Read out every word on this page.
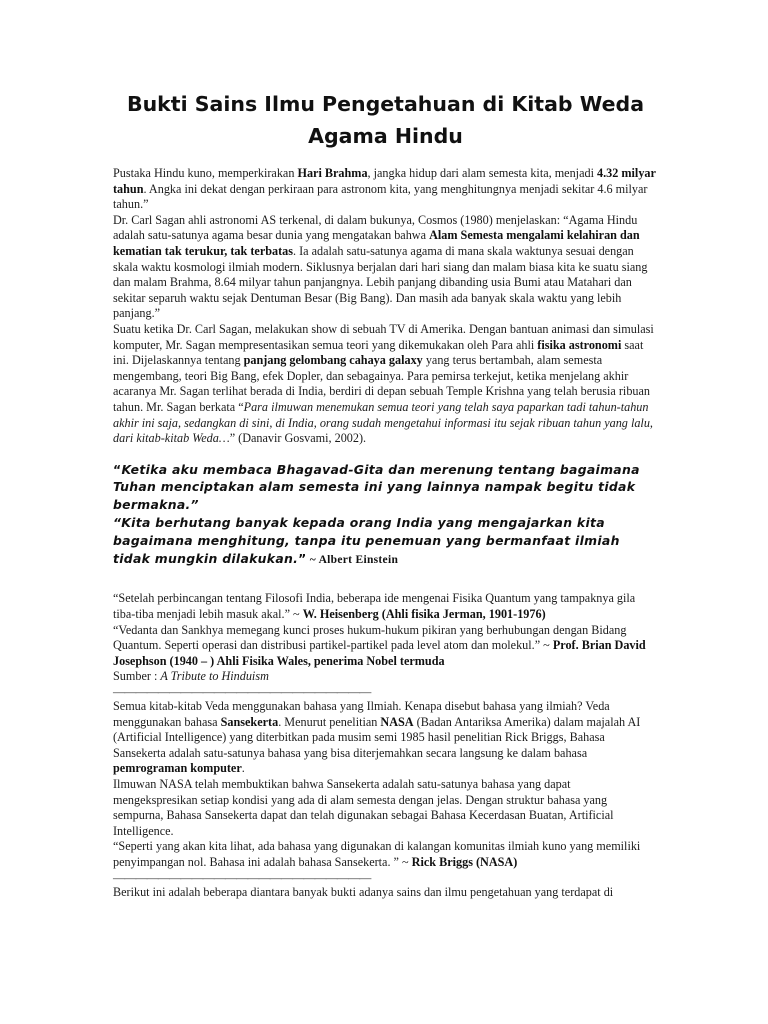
Bukti Sains Ilmu Pengetahuan di Kitab Weda Agama Hindu

Pustaka Hindu kuno, memperkirakan Hari Brahma, jangka hidup dari alam semesta kita, menjadi 4.32 milyar tahun. Angka ini dekat dengan perkiraan para astronom kita, yang menghitungnya menjadi sekitar 4.6 milyar tahun.”

Dr. Carl Sagan ahli astronomi AS terkenal, di dalam bukunya, Cosmos (1980) menjelaskan: “Agama Hindu adalah satu-satunya agama besar dunia yang mengatakan bahwa Alam Semesta mengalami kelahiran dan kematian tak terukur, tak terbatas. Ia adalah satu-satunya agama di mana skala waktunya sesuai dengan skala waktu kosmologi ilmiah modern. Siklusnya berjalan dari hari siang dan malam biasa kita ke suatu siang dan malam Brahma, 8.64 milyar tahun panjangnya. Lebih panjang dibanding usia Bumi atau Matahari dan sekitar separuh waktu sejak Dentuman Besar (Big Bang). Dan masih ada banyak skala waktu yang lebih panjang.”

Suatu ketika Dr. Carl Sagan, melakukan show di sebuah TV di Amerika. Dengan bantuan animasi dan simulasi komputer, Mr. Sagan mempresentasikan semua teori yang dikemukakan oleh Para ahli fisika astronomi saat ini. Dijelaskannya tentang panjang gelombang cahaya galaxy yang terus bertambah, alam semesta mengembang, teori Big Bang, efek Dopler, dan sebagainya. Para pemirsa terkejut, ketika menjelang akhir acaranya Mr. Sagan terlihat berada di India, berdiri di depan sebuah Temple Krishna yang telah berusia ribuan tahun. Mr. Sagan berkata “Para ilmuwan menemukan semua teori yang telah saya paparkan tadi tahun-tahun akhir ini saja, sedangkan di sini, di India, orang sudah mengetahui informasi itu sejak ribuan tahun yang lalu, dari kitab-kitab Weda…” (Danavir Gosvami, 2002).

“Ketika aku membaca Bhagavad-Gita dan merenung tentang bagaimana Tuhan menciptakan alam semesta ini yang lainnya nampak begitu tidak bermakna.”
“Kita berhutang banyak kepada orang India yang mengajarkan kita bagaimana menghitung, tanpa itu penemuan yang bermanfaat ilmiah tidak mungkin dilakukan.” ~ Albert Einstein

“Setelah perbincangan tentang Filosofi India, beberapa ide mengenai Fisika Quantum yang tampaknya gila tiba-tiba menjadi lebih masuk akal.” ~ W. Heisenberg (Ahli fisika Jerman, 1901-1976)

“Vedanta dan Sankhya memegang kunci proses hukum-hukum pikiran yang berhubungan dengan Bidang Quantum. Seperti operasi dan distribusi partikel-partikel pada level atom dan molekul.” ~ Prof. Brian David Josephson (1940 – ) Ahli Fisika Wales, penerima Nobel termuda

Sumber : A Tribute to Hinduism

———————————————————————

Semua kitab-kitab Veda menggunakan bahasa yang Ilmiah. Kenapa disebut bahasa yang ilmiah? Veda menggunakan bahasa Sansekerta. Menurut penelitian NASA (Badan Antariksa Amerika) dalam majalah AI (Artificial Intelligence) yang diterbitkan pada musim semi 1985 hasil penelitian Rick Briggs, Bahasa Sansekerta adalah satu-satunya bahasa yang bisa diterjemahkan secara langsung ke dalam bahasa pemrograman komputer.

Ilmuwan NASA telah membuktikan bahwa Sansekerta adalah satu-satunya bahasa yang dapat mengekspresikan setiap kondisi yang ada di alam semesta dengan jelas. Dengan struktur bahasa yang sempurna, Bahasa Sansekerta dapat dan telah digunakan sebagai Bahasa Kecerdasan Buatan, Artificial Intelligence.

“Seperti yang akan kita lihat, ada bahasa yang digunakan di kalangan komunitas ilmiah kuno yang memiliki penyimpangan nol. Bahasa ini adalah bahasa Sansekerta. ” ~ Rick Briggs (NASA)

———————————————————————

Berikut ini adalah beberapa diantara banyak bukti adanya sains dan ilmu pengetahuan yang terdapat di
